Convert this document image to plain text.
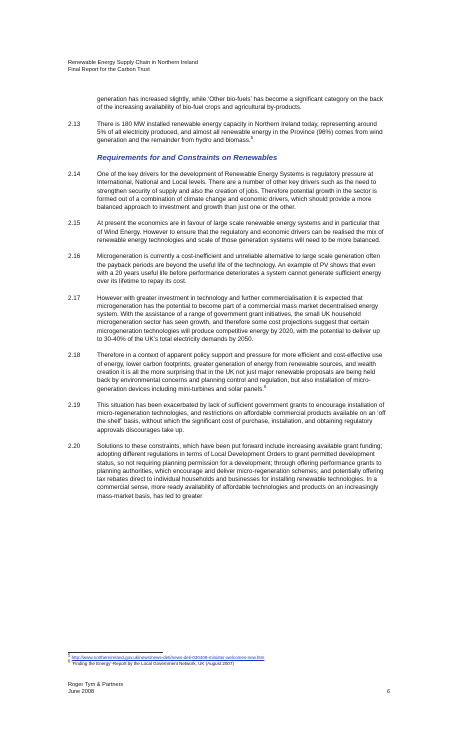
Renewable Energy Supply Chain in Northern Ireland
Final Report for the Carbon Trust
generation has increased slightly, while ‘Other bio-fuels’ has become a significant category on the back of the increasing availability of bio-fuel crops and agricultural by-products.
2.13	There is 180 MW installed renewable energy capacity in Northern Ireland today, representing around 5% of all electricity produced, and almost all renewable energy in the Province (96%) comes from wind generation and the remainder from hydro and biomass.$^5$
Requirements for and Constraints on Renewables
2.14	One of the key drivers for the development of Renewable Energy Systems is regulatory pressure at International, National and Local levels. There are a number of other key drivers such as the need to strengthen security of supply and also the creation of jobs. Therefore potential growth in the sector is formed out of a combination of climate change and economic drivers, which should provide a more balanced approach to investment and growth than just one or the other.
2.15	At present the economics are in favour of large scale renewable energy systems and in particular that of Wind Energy. However to ensure that the regulatory and economic drivers can be realised the mix of renewable energy technologies and scale of those generation systems will need to be more balanced.
2.16	Microgeneration is currently a cost-inefficient and unreliable alternative to large scale generation often the payback periods are beyond the useful life of the technology. An example of PV shows that even with a 20 years useful life before performance deteriorates a system cannot generate sufficient energy over its lifetime to repay its cost.
2.17	However with greater investment in technology and further commercialisation it is expected that microgeneration has the potential to become part of a commercial mass market decentralised energy system. With the assistance of a range of government grant initiatives, the small UK household microgeneration sector has seen growth, and therefore some cost projections suggest that certain microgeneration technologies will produce competitive energy by 2020, with the potential to deliver up to 30-40% of the UK’s total electricity demands by 2050.
2.18	Therefore in a context of apparent policy support and pressure for more efficient and cost-effective use of energy, lower carbon footprints, greater generation of energy from renewable sources, and wealth creation it is all the more surprising that in the UK not just major renewable proposals are being held back by environmental concerns and planning control and regulation, but also installation of micro-generation devices including mini-turbines and solar panels.$^6$
2.19	This situation has been exacerbated by lack of sufficient government grants to encourage installation of micro-regeneration technologies, and restrictions on affordable commercial products available on an ‘off the shelf’ basis, without which the significant cost of purchase, installation, and obtaining regulatory approvals discourages take up.
2.20	Solutions to these constraints, which have been put forward include increasing available grant funding; adopting different regulations in terms of Local Development Orders to grant permitted development status, so not requiring planning permission for a development; through offering performance grants to planning authorities, which encourage and deliver micro-regeneration schemes; and potentially offering tax rebates direct to individual households and businesses for installing renewable technologies. In a commercial sense, more ready availability of affordable technologies and products on an increasingly mass-market basis, has led to greater
$^5$ http://www.northernireland.gov.uk/news/news-deti/news-deti-030408-minister-welcomes-new.htm
$^6$ ‘Finding the Energy’-Report by the Local Government Network, UK (August 2007)
Roger Tym & Partners
June 2008	6
